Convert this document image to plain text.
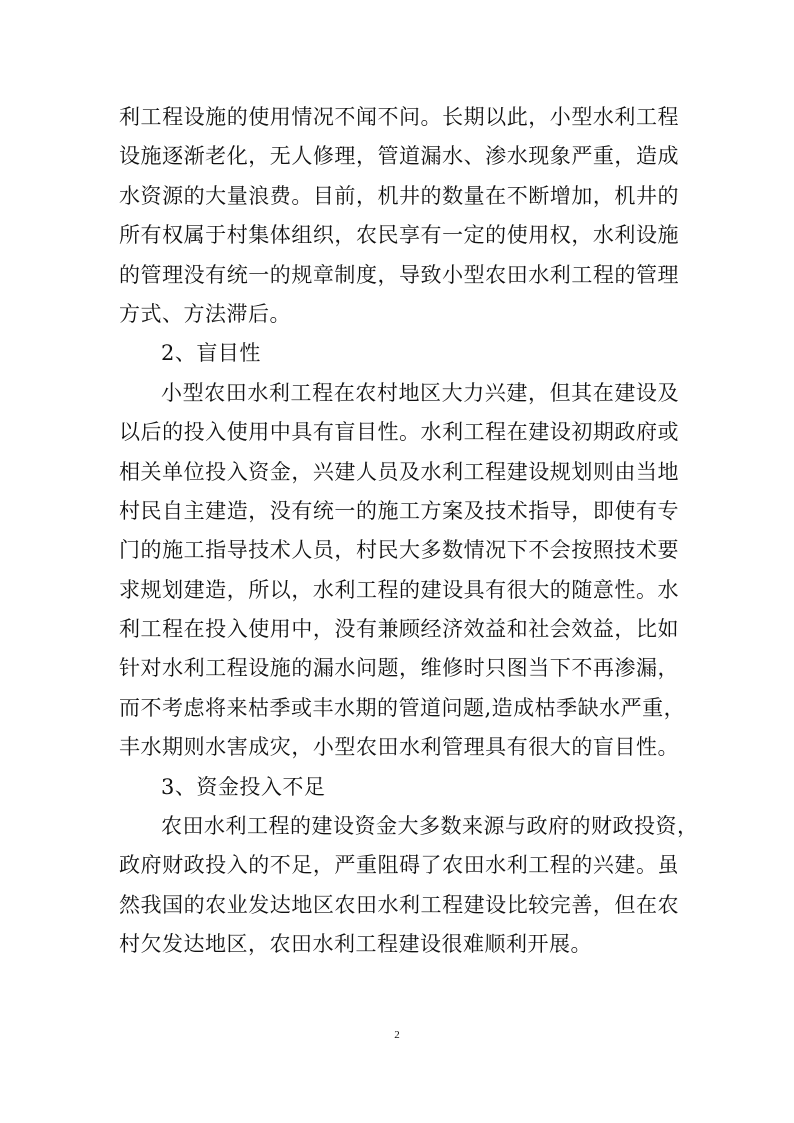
利工程设施的使用情况不闻不问。长期以此，小型水利工程
设施逐渐老化，无人修理，管道漏水、渗水现象严重，造成
水资源的大量浪费。目前，机井的数量在不断增加，机井的
所有权属于村集体组织，农民享有一定的使用权，水利设施
的管理没有统一的规章制度，导致小型农田水利工程的管理
方式、方法滞后。
2、盲目性
小型农田水利工程在农村地区大力兴建，但其在建设及
以后的投入使用中具有盲目性。水利工程在建设初期政府或
相关单位投入资金，兴建人员及水利工程建设规划则由当地
村民自主建造，没有统一的施工方案及技术指导，即使有专
门的施工指导技术人员，村民大多数情况下不会按照技术要
求规划建造，所以，水利工程的建设具有很大的随意性。水
利工程在投入使用中，没有兼顾经济效益和社会效益，比如
针对水利工程设施的漏水问题，维修时只图当下不再渗漏，
而不考虑将来枯季或丰水期的管道问题,造成枯季缺水严重，
丰水期则水害成灾，小型农田水利管理具有很大的盲目性。
3、资金投入不足
农田水利工程的建设资金大多数来源与政府的财政投资，
政府财政投入的不足，严重阻碍了农田水利工程的兴建。虽
然我国的农业发达地区农田水利工程建设比较完善，但在农
村欠发达地区，农田水利工程建设很难顺利开展。
2
